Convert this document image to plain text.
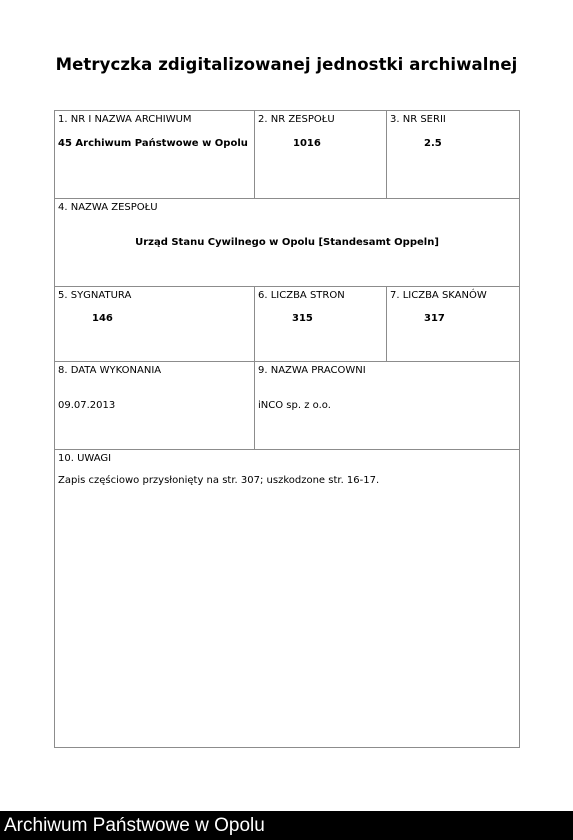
Metryczka zdigitalizowanej jednostki archiwalnej
1. NR I NAZWA ARCHIWUM
45 Archiwum Państwowe w Opolu
2. NR ZESPOŁU
1016
3. NR SERII
2.5
4. NAZWA ZESPOŁU
Urząd Stanu Cywilnego w Opolu [Standesamt Oppeln]
5. SYGNATURA
146
6. LICZBA STRON
315
7. LICZBA SKANÓW
317
8. DATA WYKONANIA
09.07.2013
9. NAZWA PRACOWNI
iNCO sp. z o.o.
10. UWAGI
Zapis częściowo przysłonięty na str. 307; uszkodzone str. 16-17.
Archiwum Państwowe w Opolu
